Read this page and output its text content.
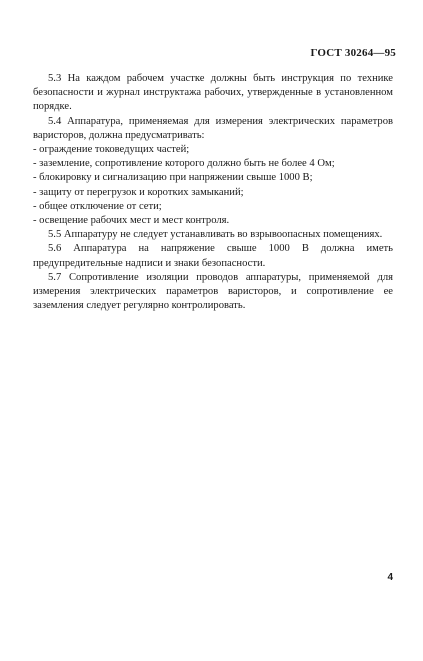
ГОСТ 30264—95

5.3 На каждом рабочем участке должны быть инструкция по технике безопасности и журнал инструктажа рабочих, утвержденные в установленном порядке.

5.4 Аппаратура, применяемая для измерения электрических параметров варисторов, должна предусматривать:

- ограждение токоведущих частей;

- заземление, сопротивление которого должно быть не более 4 Ом;

- блокировку и сигнализацию при напряжении свыше 1000 В;

- защиту от перегрузок и коротких замыканий;

- общее отключение от сети;

- освещение рабочих мест и мест контроля.

5.5 Аппаратуру не следует устанавливать во взрывоопасных помещениях.

5.6 Аппаратура на напряжение свыше 1000 В должна иметь предупредительные надписи и знаки безопасности.

5.7 Сопротивление изоляции проводов аппаратуры, применяемой для измерения электрических параметров варисторов, и сопротивление ее заземления следует регулярно контролировать.

4
